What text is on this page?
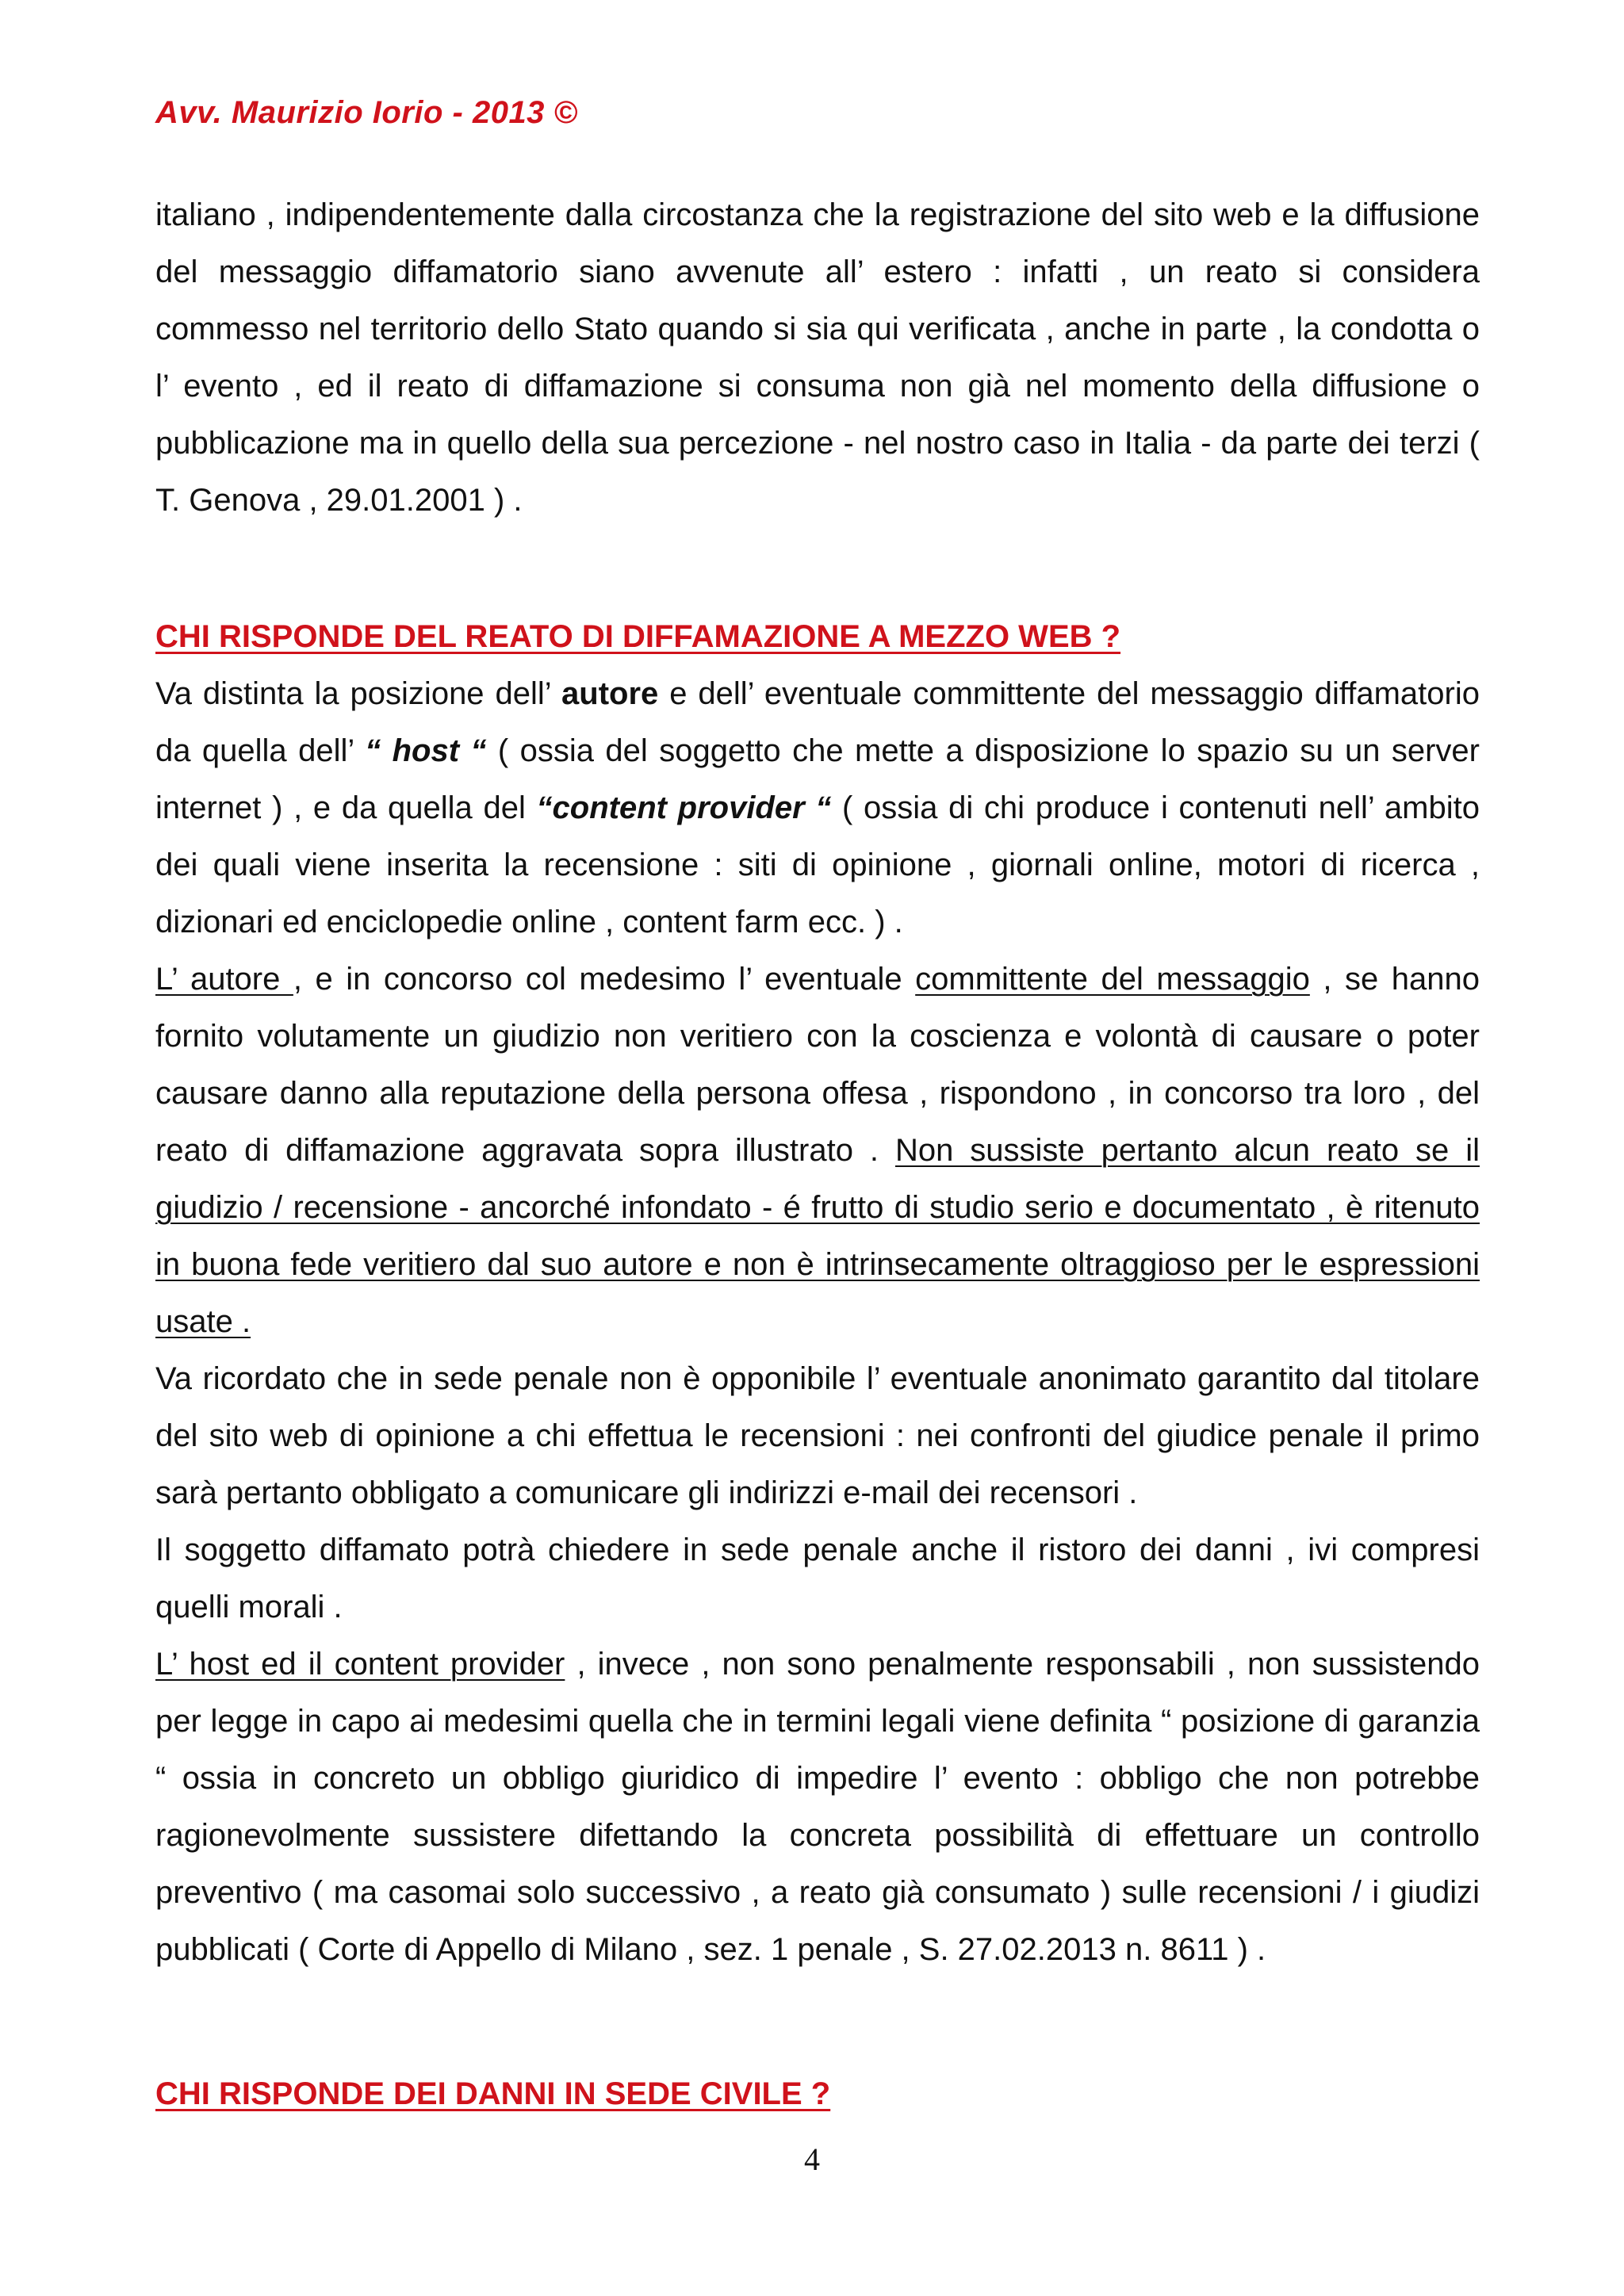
Avv. Maurizio Iorio - 2013 ©

italiano , indipendentemente dalla circostanza che la registrazione del sito web e la diffusione del messaggio diffamatorio siano avvenute all’ estero : infatti , un reato si considera commesso nel territorio dello Stato quando si sia qui verificata , anche in parte , la condotta o l’ evento , ed il reato di diffamazione si consuma non già nel momento della diffusione o pubblicazione ma in quello della sua percezione - nel nostro caso in Italia - da parte dei terzi ( T. Genova , 29.01.2001 ) .

CHI RISPONDE DEL REATO DI DIFFAMAZIONE A MEZZO WEB ?

Va distinta la posizione dell’ autore e dell’ eventuale committente del messaggio diffamatorio da quella dell’ “ host “ ( ossia del soggetto che mette a disposizione lo spazio su un server internet ) , e da quella del “content provider “ ( ossia di chi produce i contenuti nell’ ambito dei quali viene inserita la recensione : siti di opinione , giornali online, motori di ricerca , dizionari ed enciclopedie online , content farm ecc. ) .

L’ autore , e in concorso col medesimo l’ eventuale committente del messaggio , se hanno fornito volutamente un giudizio non veritiero con la coscienza e volontà di causare o poter causare danno alla reputazione della persona offesa , rispondono , in concorso tra loro , del reato di diffamazione aggravata sopra illustrato . Non sussiste pertanto alcun reato se il giudizio / recensione - ancorché infondato - é frutto di studio serio e documentato , è ritenuto in buona fede veritiero dal suo autore e non è intrinsecamente oltraggioso per le espressioni usate .

Va ricordato che in sede penale non è opponibile l’ eventuale anonimato garantito dal titolare del sito web di opinione a chi effettua le recensioni : nei confronti del giudice penale il primo sarà pertanto obbligato a comunicare gli indirizzi e-mail dei recensori .

Il soggetto diffamato potrà chiedere in sede penale anche il ristoro dei danni , ivi compresi quelli morali .

L’ host ed il content provider , invece , non sono penalmente responsabili , non sussistendo per legge in capo ai medesimi quella che in termini legali viene definita “ posizione di garanzia “ ossia in concreto un obbligo giuridico di impedire l’ evento : obbligo che non potrebbe ragionevolmente sussistere difettando la concreta possibilità di effettuare un controllo preventivo ( ma casomai solo successivo , a reato già consumato ) sulle recensioni / i giudizi pubblicati ( Corte di Appello di Milano , sez. 1 penale , S. 27.02.2013 n. 8611 ) .

CHI RISPONDE DEI DANNI IN SEDE CIVILE ?

4
